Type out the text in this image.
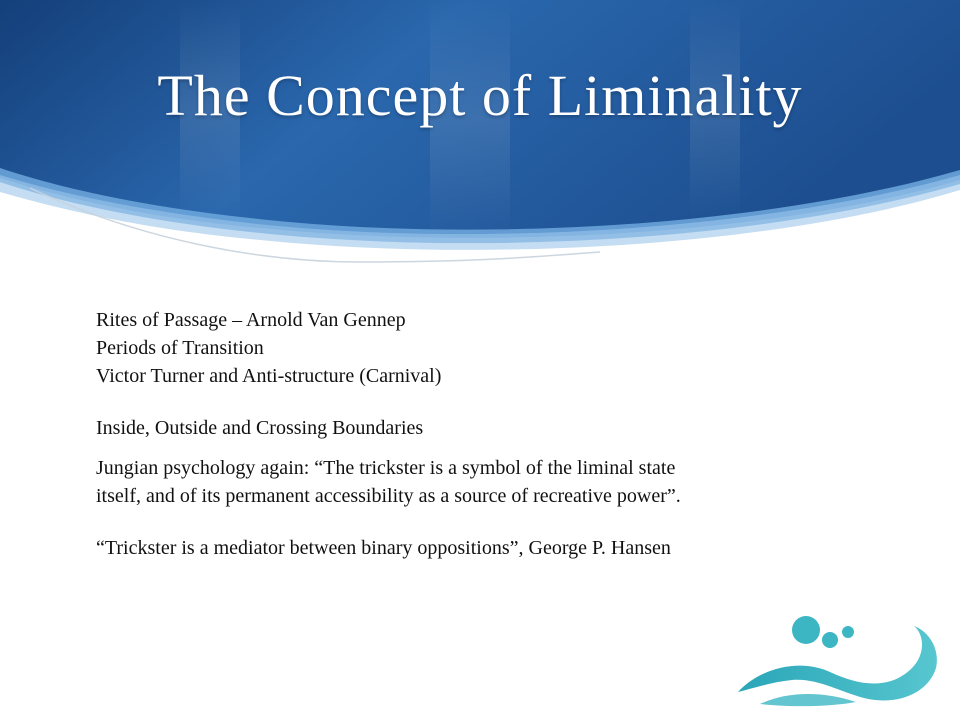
The Concept of Liminality
Rites of Passage – Arnold Van Gennep
Periods of Transition
Victor Turner and Anti-structure (Carnival)
Inside, Outside and Crossing Boundaries
Jungian psychology again: “The trickster is a symbol of the liminal state
itself, and of its permanent accessibility as a source of recreative power”.
“Trickster is a mediator between binary oppositions”, George P. Hansen
